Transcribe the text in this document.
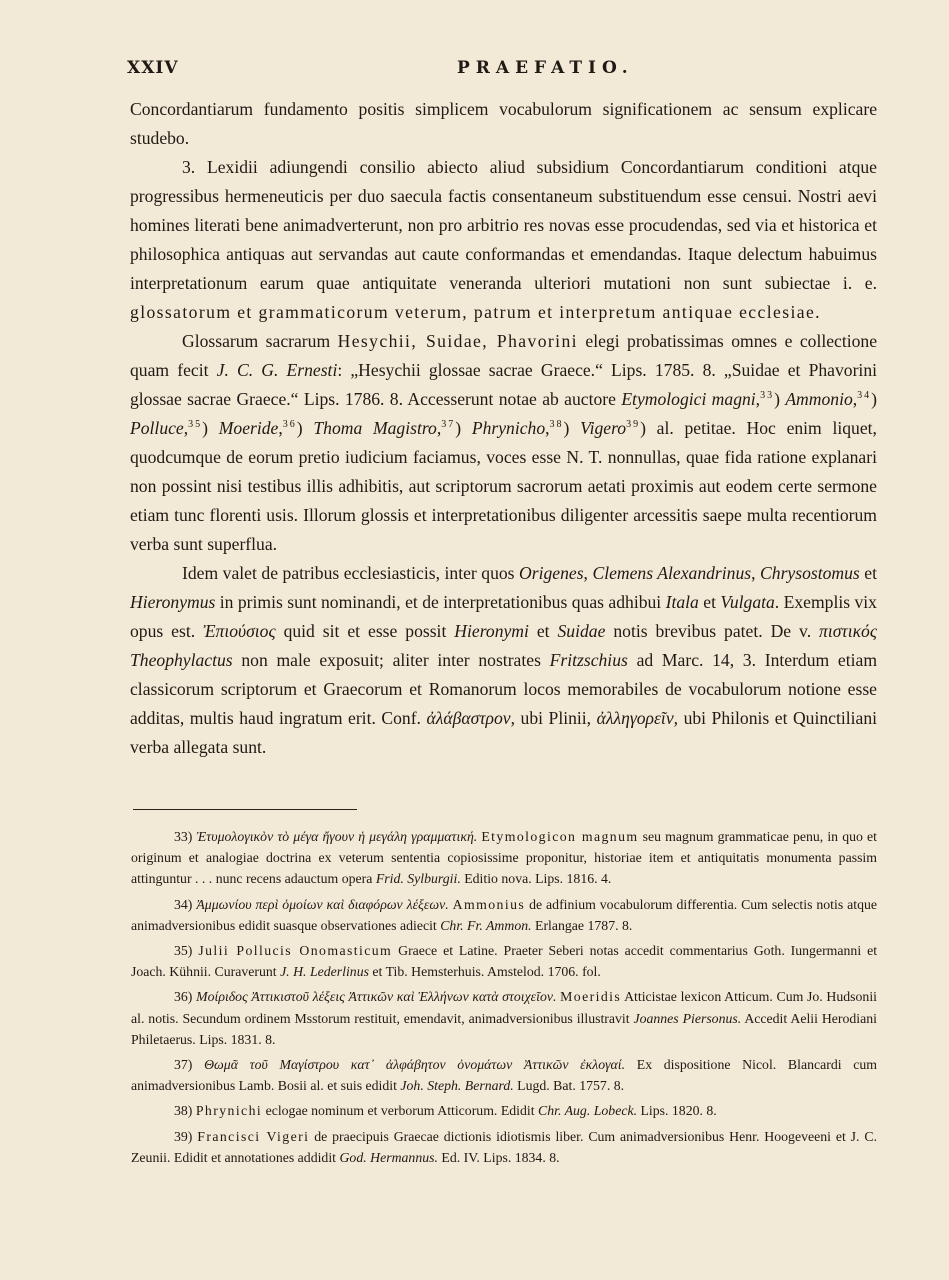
XXIV	PRAEFATIO.

Concordantiarum fundamento positis simplicem vocabulorum significationem ac sensum explicare studebo.

3. Lexidii adiungendi consilio abiecto aliud subsidium Concordantiarum conditioni atque progressibus hermeneuticis per duo saecula factis consentaneum substituendum esse censui. Nostri aevi homines literati bene animadverterunt, non pro arbitrio res novas esse procudendas, sed via et historica et philosophica antiquas aut servandas aut caute conformandas et emendandas. Itaque delectum habuimus interpretationum earum quae antiquitate veneranda ulteriori mutationi non sunt subiectae i. e. glossatorum et grammaticorum veterum, patrum et interpretum antiquae ecclesiae.

Glossarum sacrarum Hesychii, Suidae, Phavorini elegi probatissimas omnes e collectione quam fecit J. C. G. Ernesti: „Hesychii glossae sacrae Graece.“ Lips. 1785. 8. „Suidae et Phavorini glossae sacrae Graece.“ Lips. 1786. 8. Accesserunt notae ab auctore Etymologici magni,$^{33}$) Ammonio,$^{34}$) Polluce,$^{35}$) Moeride,$^{36}$) Thoma Magistro,$^{37}$) Phrynicho,$^{38}$) Vigero$^{39}$) al. petitae. Hoc enim liquet, quodcumque de eorum pretio iudicium faciamus, voces esse N. T. nonnullas, quae fida ratione explanari non possint nisi testibus illis adhibitis, aut scriptorum sacrorum aetati proximis aut eodem certe sermone etiam tunc florenti usis. Illorum glossis et interpretationibus diligenter arcessitis saepe multa recentiorum verba sunt superflua.

Idem valet de patribus ecclesiasticis, inter quos Origenes, Clemens Alexandrinus, Chrysostomus et Hieronymus in primis sunt nominandi, et de interpretationibus quas adhibui Itala et Vulgata. Exemplis vix opus est. Ἐπιούσιος quid sit et esse possit Hieronymi et Suidae notis brevibus patet. De v. πιστικός Theophylactus non male exposuit; aliter inter nostrates Fritzschius ad Marc. 14, 3. Interdum etiam classicorum scriptorum et Graecorum et Romanorum locos memorabiles de vocabulorum notione esse additas, multis haud ingratum erit. Conf. ἀλάβαστρον, ubi Plinii, ἀλληγορεῖν, ubi Philonis et Quinctiliani verba allegata sunt.

33) Ἐτυμολογικὸν τὸ μέγα ἤγουν ἡ μεγάλη γραμματική. Etymologicon magnum seu magnum grammaticae penu, in quo et originum et analogiae doctrina ex veterum sententia copiosissime proponitur, historiae item et antiquitatis monumenta passim attinguntur . . . nunc recens adauctum opera Frid. Sylburgii. Editio nova. Lips. 1816. 4.

34) Ἀμμωνίου περὶ ὁμοίων καὶ διαφόρων λέξεων. Ammonius de adfinium vocabulorum differentia. Cum selectis notis atque animadversionibus edidit suasque observationes adiecit Chr. Fr. Ammon. Erlangae 1787. 8.

35) Julii Pollucis Onomasticum Graece et Latine. Praeter Seberi notas accedit commentarius Goth. Iungermanni et Joach. Kühnii. Curaverunt J. H. Lederlinus et Tib. Hemsterhuis. Amstelod. 1706. fol.

36) Μοίριδος Ἀττικιστοῦ λέξεις Ἀττικῶν καὶ Ἑλλήνων κατὰ στοιχεῖον. Moeridis Atticistae lexicon Atticum. Cum Jo. Hudsonii al. notis. Secundum ordinem Msstorum restituit, emendavit, animadversionibus illustravit Joannes Piersonus. Accedit Aelii Herodiani Philetaerus. Lips. 1831. 8.

37) Θωμᾶ τοῦ Μαγίστρου κατ᾽ ἀλφάβητον ὀνομάτων Ἀττικῶν ἐκλογαί. Ex dispositione Nicol. Blancardi cum animadversionibus Lamb. Bosii al. et suis edidit Joh. Steph. Bernard. Lugd. Bat. 1757. 8.

38) Phrynichi eclogae nominum et verborum Atticorum. Edidit Chr. Aug. Lobeck. Lips. 1820. 8.

39) Francisci Vigeri de praecipuis Graecae dictionis idiotismis liber. Cum animadversionibus Henr. Hoogeveeni et J. C. Zeunii. Edidit et annotationes addidit God. Hermannus. Ed. IV. Lips. 1834. 8.
